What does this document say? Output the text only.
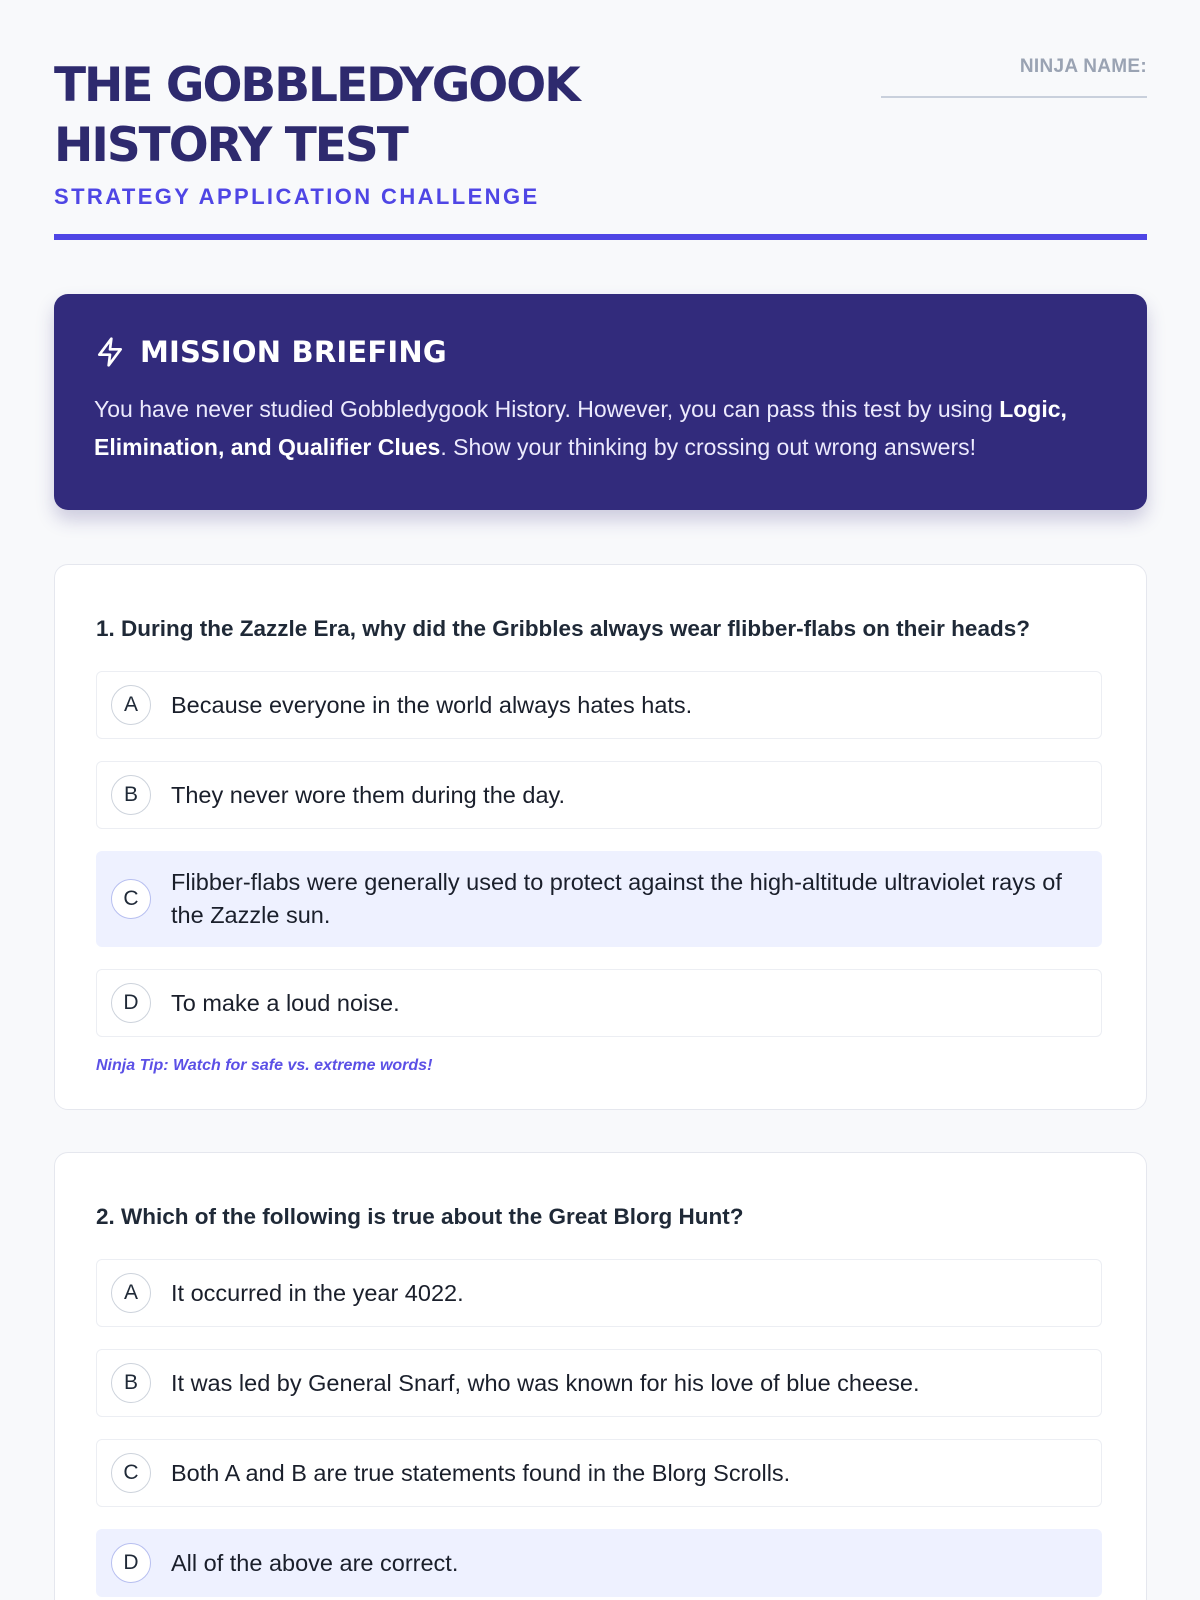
THE GOBBLEDYGOOK HISTORY TEST
STRATEGY APPLICATION CHALLENGE
NINJA NAME:
MISSION BRIEFING

You have never studied Gobbledygook History. However, you can pass this test by using Logic, Elimination, and Qualifier Clues. Show your thinking by crossing out wrong answers!

1. During the Zazzle Era, why did the Gribbles always wear flibber-flabs on their heads?
A	Because everyone in the world always hates hats.
B	They never wore them during the day.
C
Flibber-flabs were generally used to protect against the high-altitude ultraviolet rays of the Zazzle sun.
D	To make a loud noise.
Ninja Tip: Watch for safe vs. extreme words!
2. Which of the following is true about the Great Blorg Hunt?
A	It occurred in the year 4022.
B	It was led by General Snarf, who was known for his love of blue cheese.
C	Both A and B are true statements found in the Blorg Scrolls.
D	All of the above are correct.
